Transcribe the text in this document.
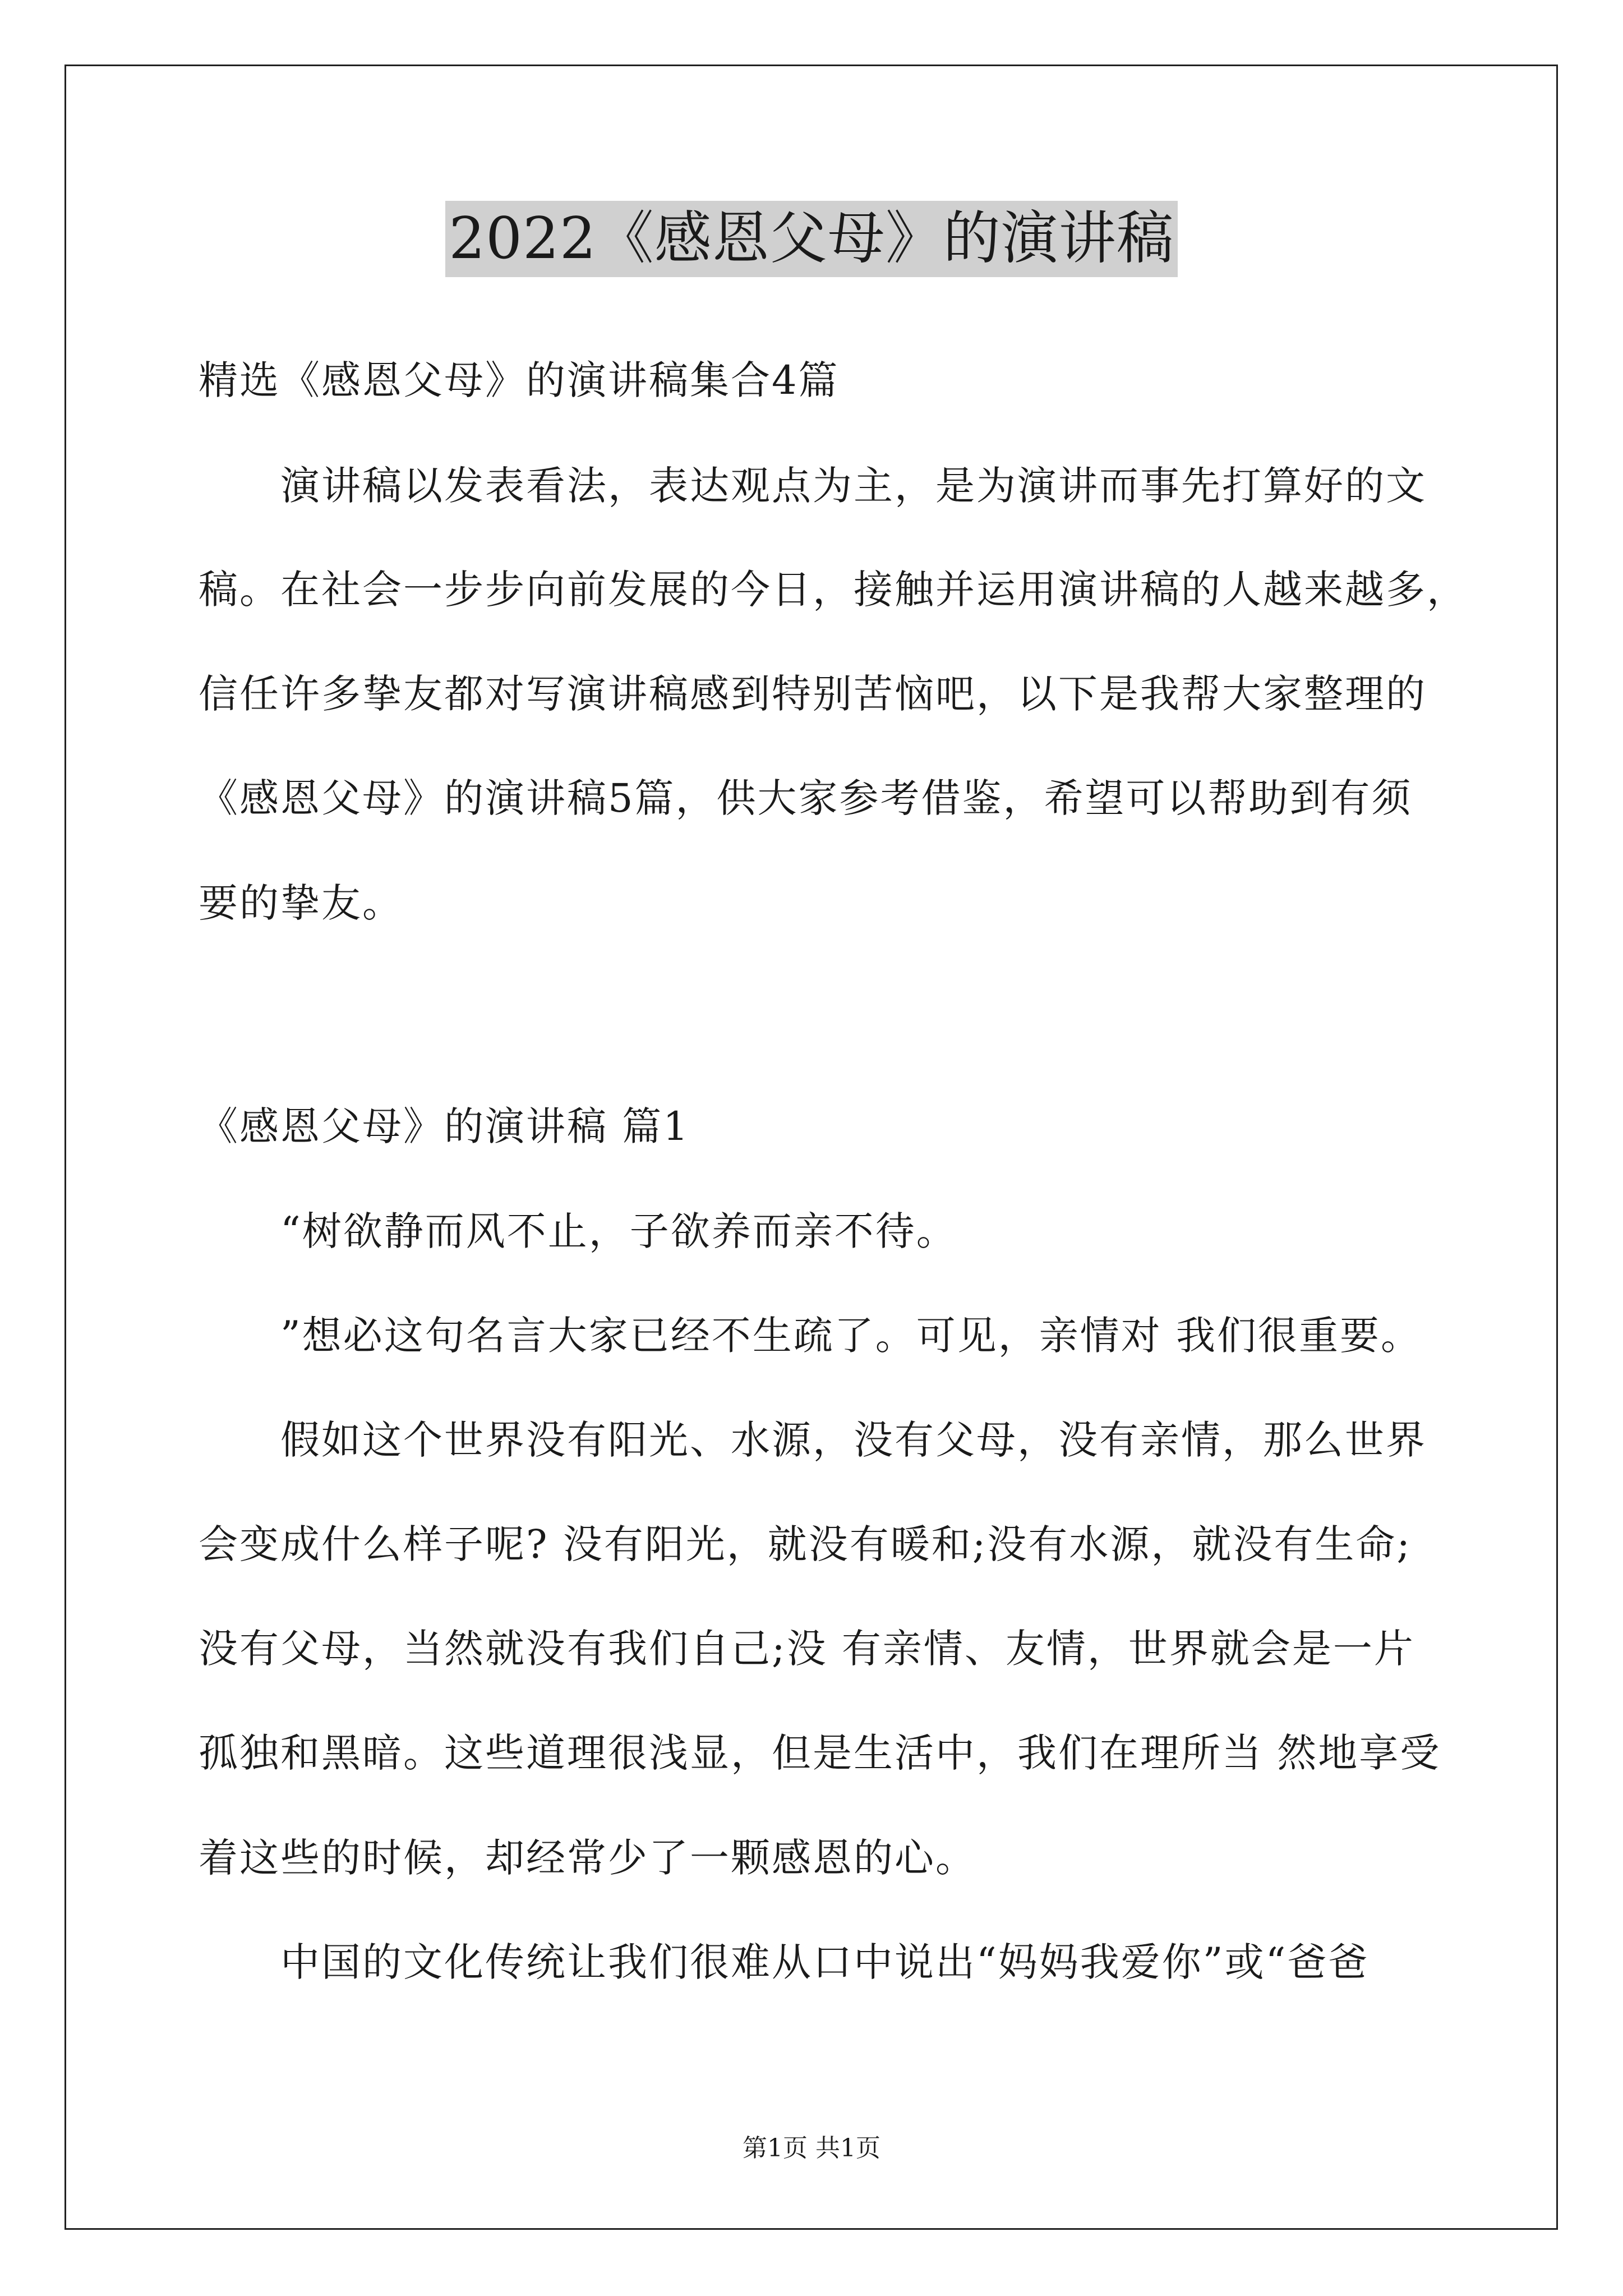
2022《感恩父母》的演讲稿
精选《感恩父母》的演讲稿集合4篇
演讲稿以发表看法，表达观点为主，是为演讲而事先打算好的文
稿。在社会一步步向前发展的今日，接触并运用演讲稿的人越来越多，
信任许多挚友都对写演讲稿感到特别苦恼吧，以下是我帮大家整理的
《感恩父母》的演讲稿5篇，供大家参考借鉴，希望可以帮助到有须
要的挚友。
《感恩父母》的演讲稿 篇1
“树欲静而风不止，子欲养而亲不待。
”想必这句名言大家已经不生疏了。可见，亲情对 我们很重要。
假如这个世界没有阳光、水源，没有父母，没有亲情，那么世界
会变成什么样子呢? 没有阳光，就没有暖和;没有水源，就没有生命;
没有父母，当然就没有我们自己;没 有亲情、友情，世界就会是一片
孤独和黑暗。这些道理很浅显，但是生活中，我们在理所当 然地享受
着这些的时候，却经常少了一颗感恩的心。
中国的文化传统让我们很难从口中说出“妈妈我爱你”或“爸爸
第1页 共1页
